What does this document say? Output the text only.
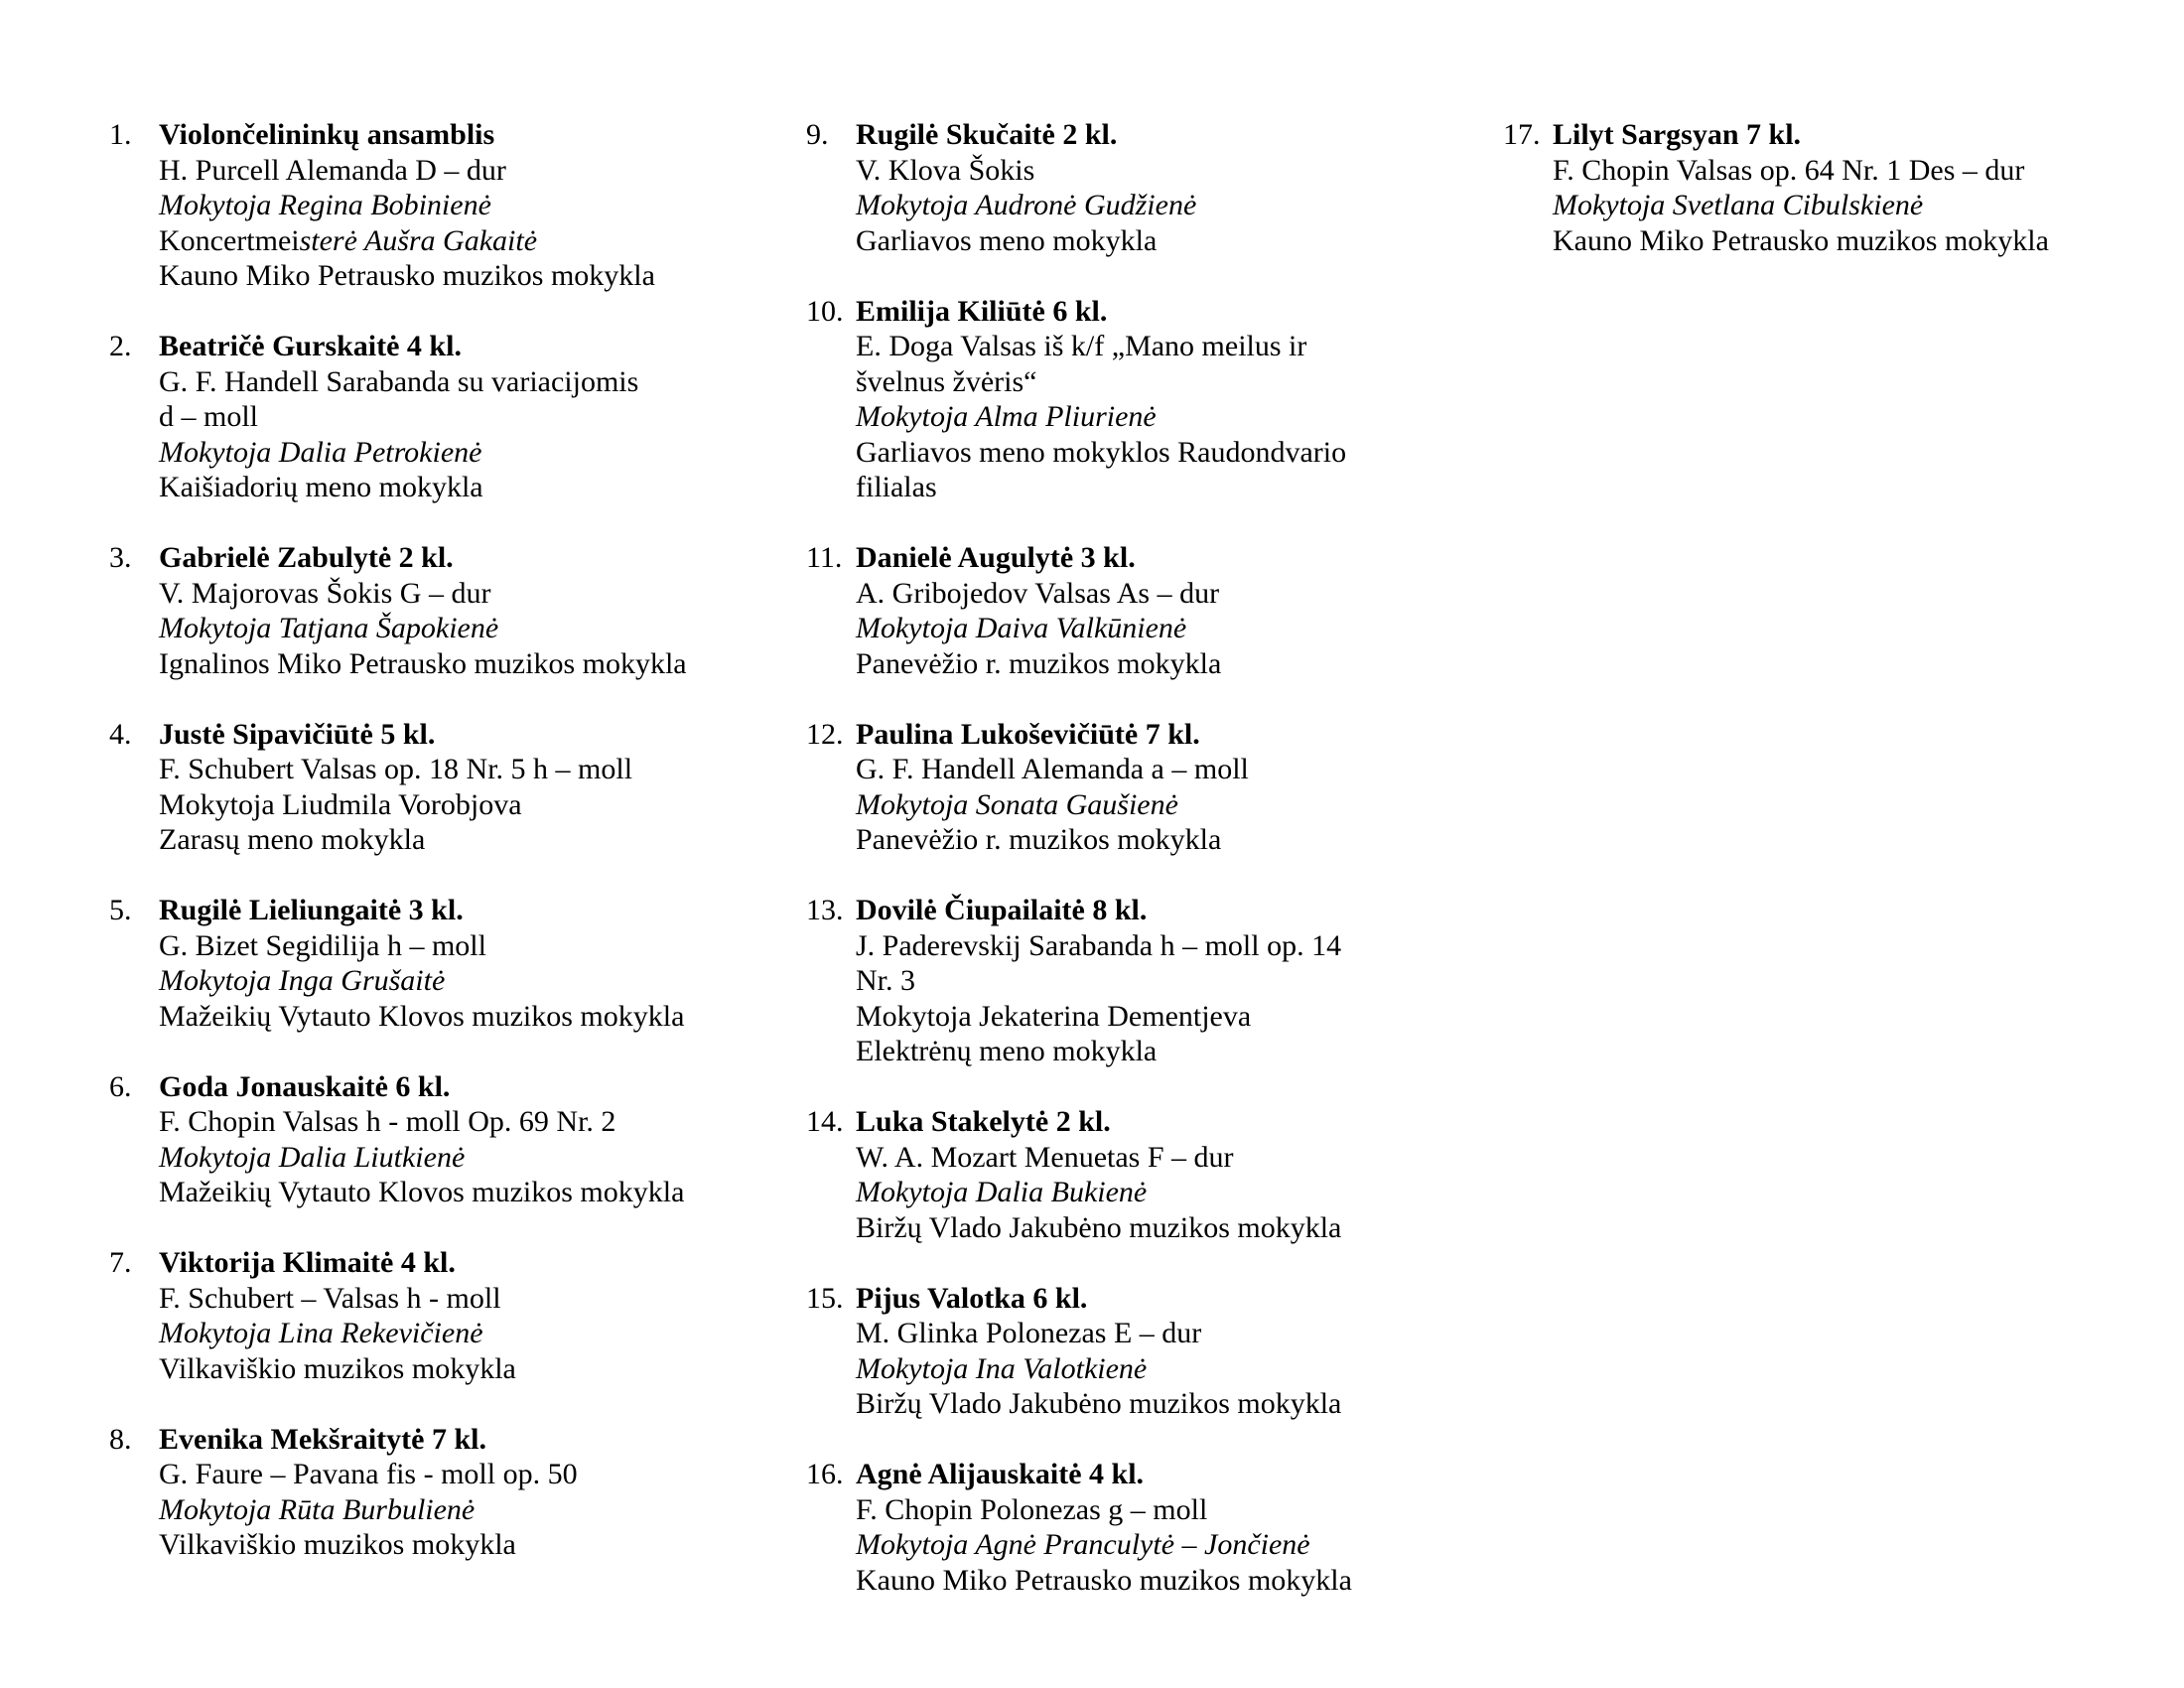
1. Violončelininkų ansamblis
H. Purcell Alemanda D – dur
Mokytoja Regina Bobinienė
Koncertmeisterė Aušra Gakaitė
Kauno Miko Petrausko muzikos mokykla
2. Beatričė Gurskaitė 4 kl.
G. F. Handell Sarabanda su variacijomis
d – moll
Mokytoja Dalia Petrokienė
Kaišiadorių meno mokykla
3. Gabrielė Zabulytė 2 kl.
V. Majorovas Šokis G – dur
Mokytoja Tatjana Šapokienė
Ignalinos Miko Petrausko muzikos mokykla
4. Justė Sipavičiūtė 5 kl.
F. Schubert Valsas op. 18 Nr. 5 h – moll
Mokytoja Liudmila Vorobjova
Zarasų meno mokykla
5. Rugilė Lieliungaitė 3 kl.
G. Bizet Segidilija h – moll
Mokytoja Inga Grušaitė
Mažeikių Vytauto Klovos muzikos mokykla
6. Goda Jonauskaitė 6 kl.
F. Chopin Valsas h - moll Op. 69 Nr. 2
Mokytoja Dalia Liutkienė
Mažeikių Vytauto Klovos muzikos mokykla
7. Viktorija Klimaitė 4 kl.
F. Schubert – Valsas h - moll
Mokytoja Lina Rekevičienė
Vilkaviškio muzikos mokykla
8. Evenika Mekšraitytė 7 kl.
G. Faure – Pavana fis - moll op. 50
Mokytoja Rūta Burbulienė
Vilkaviškio muzikos mokykla
9. Rugilė Skučaitė 2 kl.
V. Klova Šokis
Mokytoja Audronė Gudžienė
Garliavos meno mokykla
10. Emilija Kiliūtė 6 kl.
E. Doga Valsas iš k/f „Mano meilus ir
švelnus žvėris“
Mokytoja Alma Pliurienė
Garliavos meno mokyklos Raudondvario
filialas
11. Danielė Augulytė 3 kl.
A. Gribojedov Valsas As – dur
Mokytoja Daiva Valkūnienė
Panevėžio r. muzikos mokykla
12. Paulina Lukoševičiūtė 7 kl.
G. F. Handell Alemanda a – moll
Mokytoja Sonata Gaušienė
Panevėžio r. muzikos mokykla
13. Dovilė Čiupailaitė 8 kl.
J. Paderevskij Sarabanda h – moll op. 14
Nr. 3
Mokytoja Jekaterina Dementjeva
Elektrėnų meno mokykla
14. Luka Stakelytė 2 kl.
W. A. Mozart Menuetas F – dur
Mokytoja Dalia Bukienė
Biržų Vlado Jakubėno muzikos mokykla
15. Pijus Valotka 6 kl.
M. Glinka Polonezas E – dur
Mokytoja Ina Valotkienė
Biržų Vlado Jakubėno muzikos mokykla
16. Agnė Alijauskaitė 4 kl.
F. Chopin Polonezas g – moll
Mokytoja Agnė Pranculytė – Jončienė
Kauno Miko Petrausko muzikos mokykla
17. Lilyt Sargsyan 7 kl.
F. Chopin Valsas op. 64 Nr. 1 Des – dur
Mokytoja Svetlana Cibulskienė
Kauno Miko Petrausko muzikos mokykla
